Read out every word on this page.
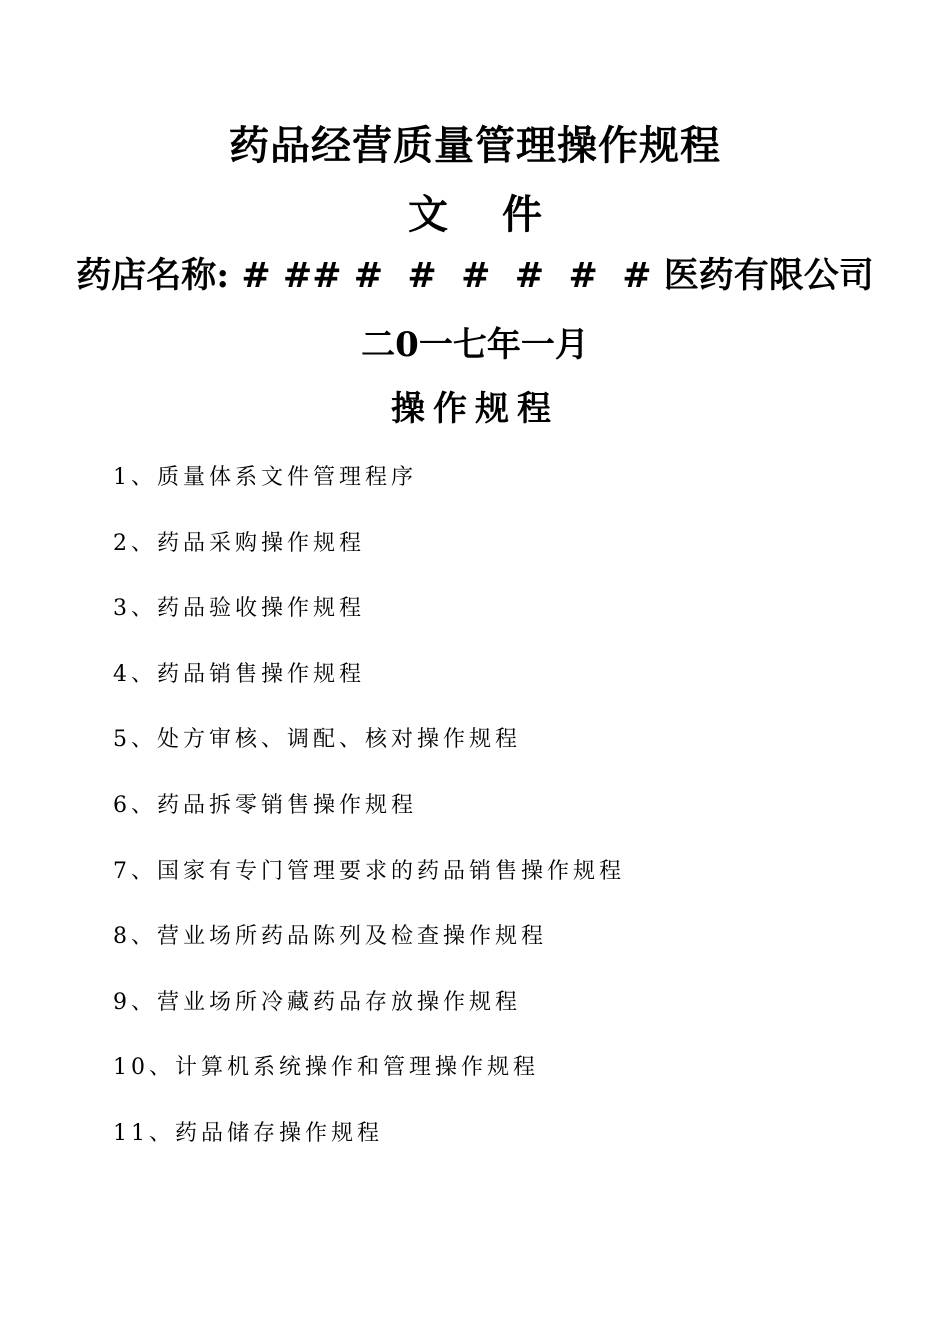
药品经营质量管理操作规程
文 件
药店名称: # ## #  #  #  #  #  # 医药有限公司
二0一七年一月
操作规程
1、质量体系文件管理程序
2、药品采购操作规程
3、药品验收操作规程
4、药品销售操作规程
5、处方审核、调配、核对操作规程
6、药品拆零销售操作规程
7、国家有专门管理要求的药品销售操作规程
8、营业场所药品陈列及检查操作规程
9、营业场所冷藏药品存放操作规程
10、计算机系统操作和管理操作规程
11、药品储存操作规程
